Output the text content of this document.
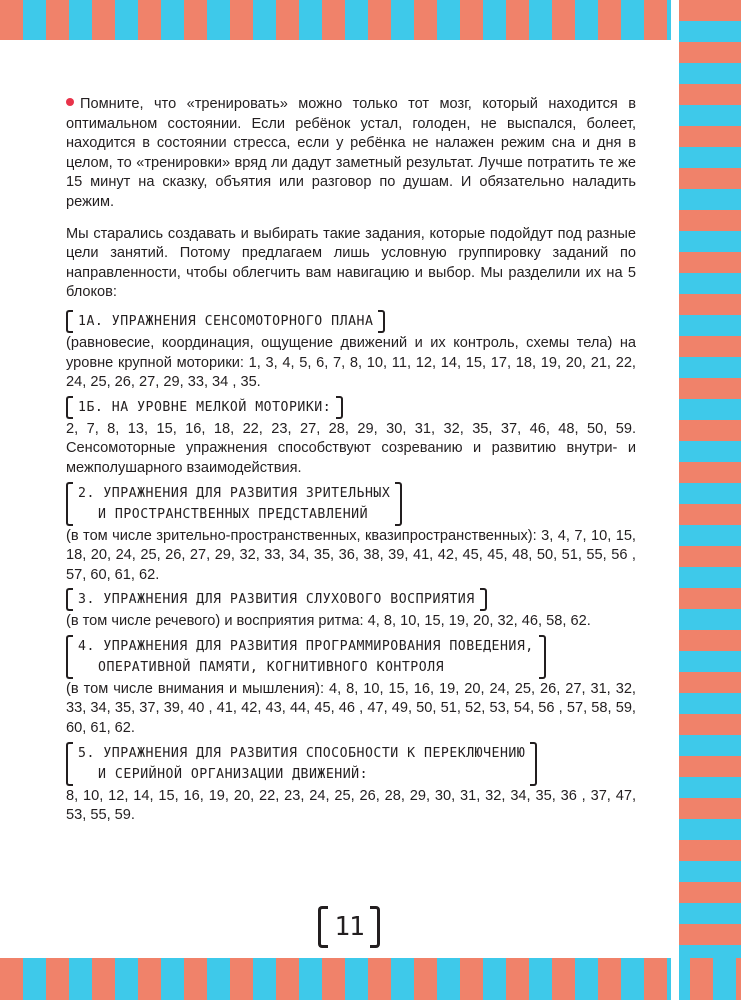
Помните, что «тренировать» можно только тот мозг, который находится в оптимальном состоянии. Если ребёнок устал, голоден, не выспался, болеет, находится в состоянии стресса, если у ребёнка не налажен режим сна и дня в целом, то «тренировки» вряд ли дадут заметный результат. Лучше потратить те же 15 минут на сказку, объятия или разговор по душам. И обязательно наладить режим.

Мы старались создавать и выбирать такие задания, которые подойдут под разные цели занятий. Потому предлагаем лишь условную группировку заданий по направленности, чтобы облегчить вам навигацию и выбор. Мы разделили их на 5 блоков:

1А. УПРАЖНЕНИЯ СЕНСОМОТОРНОГО ПЛАНА

(равновесие, координация, ощущение движений и их контроль, схемы тела) на уровне крупной моторики: 1, 3, 4, 5, 6, 7, 8, 10, 11, 12, 14, 15, 17, 18, 19, 20, 21, 22, 24, 25, 26, 27, 29, 33, 34 , 35.

1Б. НА УРОВНЕ МЕЛКОЙ МОТОРИКИ:

2, 7, 8, 13, 15, 16, 18, 22, 23, 27, 28, 29, 30, 31, 32, 35, 37, 46, 48, 50, 59. Сенсомоторные упражнения способствуют созреванию и развитию внутри- и межполушарного взаимодействия.

2. УПРАЖНЕНИЯ ДЛЯ РАЗВИТИЯ ЗРИТЕЛЬНЫХ
И ПРОСТРАНСТВЕННЫХ ПРЕДСТАВЛЕНИЙ

(в том числе зрительно-пространственных, квазипространственных): 3, 4, 7, 10, 15, 18, 20, 24, 25, 26, 27, 29, 32, 33, 34, 35, 36, 38, 39, 41, 42, 45, 45, 48, 50, 51, 55, 56 , 57, 60, 61, 62.

3. УПРАЖНЕНИЯ ДЛЯ РАЗВИТИЯ СЛУХОВОГО ВОСПРИЯТИЯ

(в том числе речевого) и восприятия ритма: 4, 8, 10, 15, 19, 20, 32, 46, 58, 62.

4. УПРАЖНЕНИЯ ДЛЯ РАЗВИТИЯ ПРОГРАММИРОВАНИЯ ПОВЕДЕНИЯ,
ОПЕРАТИВНОЙ ПАМЯТИ, КОГНИТИВНОГО КОНТРОЛЯ

(в том числе внимания и мышления): 4, 8, 10, 15, 16, 19, 20, 24, 25, 26, 27, 31, 32, 33, 34, 35, 37, 39, 40 , 41, 42, 43, 44, 45, 46 , 47, 49, 50, 51, 52, 53, 54, 56 , 57, 58, 59, 60, 61, 62.

5. УПРАЖНЕНИЯ ДЛЯ РАЗВИТИЯ СПОСОБНОСТИ К ПЕРЕКЛЮЧЕНИЮ
И СЕРИЙНОЙ ОРГАНИЗАЦИИ ДВИЖЕНИЙ:

8, 10, 12, 14, 15, 16, 19, 20, 22, 23, 24, 25, 26, 28, 29, 30, 31, 32, 34, 35, 36 , 37, 47, 53, 55, 59.

11
